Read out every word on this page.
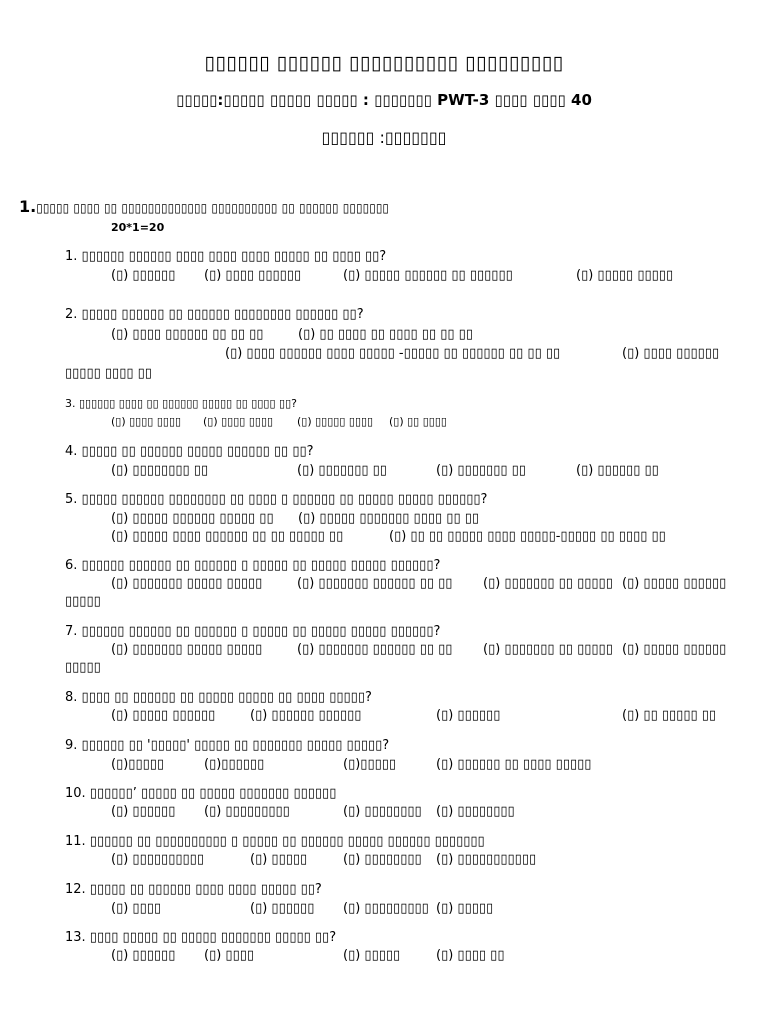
▯▯▯▯▯▯ ▯▯▯▯▯▯ ▯▯▯▯▯▯▯▯▯▯ ▯▯▯▯▯▯▯▯▯
▯▯▯▯▯:▯▯▯▯▯ ▯▯▯▯▯ ▯▯▯▯▯ : ▯▯▯▯▯▯▯ PWT-3 ▯▯▯▯ ▯▯▯▯ 40
▯▯▯▯▯▯ :▯▯▯▯▯▯▯
1.▯▯▯▯▯ ▯▯▯▯ ▯▯ ▯▯▯▯▯▯▯▯▯▯▯▯▯ ▯▯▯▯▯▯▯▯▯▯ ▯▯ ▯▯▯▯▯▯ ▯▯▯▯▯▯▯
20*1=20
1. ▯▯▯▯▯▯ ▯▯▯▯▯▯ ▯▯▯▯ ▯▯▯▯ ▯▯▯▯ ▯▯▯▯▯ ▯▯ ▯▯▯▯ ▯▯?
(▯) ▯▯▯▯▯▯ (▯) ▯▯▯▯ ▯▯▯▯▯▯	(▯) ▯▯▯▯▯ ▯▯▯▯▯▯ ▯▯ ▯▯▯▯▯▯	(▯) ▯▯▯▯▯ ▯▯▯▯▯
2. ▯▯▯▯▯ ▯▯▯▯▯▯ ▯▯ ▯▯▯▯▯▯ ▯▯▯▯▯▯▯▯ ▯▯▯▯▯▯ ▯▯?
(▯) ▯▯▯▯ ▯▯▯▯▯▯ ▯▯ ▯▯ ▯▯	(▯) ▯▯ ▯▯▯▯ ▯▯ ▯▯▯▯ ▯▯ ▯▯ ▯▯
(▯) ▯▯▯▯ ▯▯▯▯▯▯ ▯▯▯▯ ▯▯▯▯▯ -▯▯▯▯▯ ▯▯ ▯▯▯▯▯▯ ▯▯ ▯▯ ▯▯	(▯) ▯▯▯▯ ▯▯▯▯▯▯
▯▯▯▯▯ ▯▯▯▯ ▯▯
3. ▯▯▯▯▯▯ ▯▯▯▯ ▯▯ ▯▯▯▯▯▯ ▯▯▯▯▯ ▯▯ ▯▯▯▯ ▯▯?
(▯) ▯▯▯▯ ▯▯▯▯ (▯) ▯▯▯▯ ▯▯▯▯ (▯) ▯▯▯▯▯ ▯▯▯▯ (▯) ▯▯ ▯▯▯▯
4. ▯▯▯▯▯ ▯▯ ▯▯▯▯▯▯ ▯▯▯▯▯ ▯▯▯▯▯▯ ▯▯ ▯▯?
(▯) ▯▯▯▯▯▯▯▯ ▯▯	(▯) ▯▯▯▯▯▯▯ ▯▯	(▯) ▯▯▯▯▯▯▯ ▯▯	(▯) ▯▯▯▯▯▯ ▯▯
5. ▯▯▯▯▯ ▯▯▯▯▯▯ ▯▯▯▯▯▯▯▯ ▯▯ ▯▯▯▯ ▯ ▯▯▯▯▯▯ ▯▯ ▯▯▯▯▯ ▯▯▯▯▯ ▯▯▯▯▯▯?
(▯) ▯▯▯▯▯ ▯▯▯▯▯▯ ▯▯▯▯▯ ▯▯ (▯) ▯▯▯▯▯ ▯▯▯▯▯▯▯ ▯▯▯▯ ▯▯ ▯▯
(▯) ▯▯▯▯▯ ▯▯▯▯ ▯▯▯▯▯▯ ▯▯ ▯▯ ▯▯▯▯▯ ▯▯	(▯) ▯▯ ▯▯ ▯▯▯▯▯ ▯▯▯▯ ▯▯▯▯▯-▯▯▯▯▯ ▯▯ ▯▯▯▯ ▯▯
6. ▯▯▯▯▯▯ ▯▯▯▯▯▯ ▯▯ ▯▯▯▯▯▯ ▯ ▯▯▯▯▯ ▯▯ ▯▯▯▯▯ ▯▯▯▯▯ ▯▯▯▯▯▯?
(▯) ▯▯▯▯▯▯▯ ▯▯▯▯▯ ▯▯▯▯▯	(▯) ▯▯▯▯▯▯▯ ▯▯▯▯▯▯ ▯▯ ▯▯ (▯) ▯▯▯▯▯▯▯ ▯▯ ▯▯▯▯▯ (▯) ▯▯▯▯▯ ▯▯▯▯▯▯
▯▯▯▯▯
7. ▯▯▯▯▯▯ ▯▯▯▯▯▯ ▯▯ ▯▯▯▯▯▯ ▯ ▯▯▯▯▯ ▯▯ ▯▯▯▯▯ ▯▯▯▯▯ ▯▯▯▯▯▯?
(▯) ▯▯▯▯▯▯▯ ▯▯▯▯▯ ▯▯▯▯▯	(▯) ▯▯▯▯▯▯▯ ▯▯▯▯▯▯ ▯▯ ▯▯ (▯) ▯▯▯▯▯▯▯ ▯▯ ▯▯▯▯▯ (▯) ▯▯▯▯▯ ▯▯▯▯▯▯
▯▯▯▯▯
8. ▯▯▯▯ ▯▯ ▯▯▯▯▯▯ ▯▯ ▯▯▯▯▯ ▯▯▯▯▯ ▯▯ ▯▯▯▯ ▯▯▯▯▯?
(▯) ▯▯▯▯▯ ▯▯▯▯▯▯	(▯) ▯▯▯▯▯▯ ▯▯▯▯▯▯	(▯) ▯▯▯▯▯▯	(▯) ▯▯ ▯▯▯▯▯ ▯▯
9. ▯▯▯▯▯▯ ▯▯ '▯▯▯▯▯' ▯▯▯▯▯ ▯▯ ▯▯▯▯▯▯▯ ▯▯▯▯▯ ▯▯▯▯▯?
(▯)▯▯▯▯▯	(▯)▯▯▯▯▯▯	(▯)▯▯▯▯▯	(▯) ▯▯▯▯▯▯ ▯▯ ▯▯▯▯ ▯▯▯▯▯
10. ▯▯▯▯▯▯’ ▯▯▯▯▯ ▯▯ ▯▯▯▯▯ ▯▯▯▯▯▯▯ ▯▯▯▯▯▯
(▯) ▯▯▯▯▯▯ (▯) ▯▯▯▯▯▯▯▯▯	(▯) ▯▯▯▯▯▯▯▯ (▯) ▯▯▯▯▯▯▯▯
11. ▯▯▯▯▯▯ ▯▯ ▯▯▯▯▯▯▯▯▯▯ ▯ ▯▯▯▯▯ ▯▯ ▯▯▯▯▯▯ ▯▯▯▯▯ ▯▯▯▯▯▯ ▯▯▯▯▯▯▯
(▯) ▯▯▯▯▯▯▯▯▯▯	(▯) ▯▯▯▯▯	(▯) ▯▯▯▯▯▯▯▯ (▯) ▯▯▯▯▯▯▯▯▯▯▯
12. ▯▯▯▯▯ ▯▯ ▯▯▯▯▯▯ ▯▯▯▯ ▯▯▯▯ ▯▯▯▯▯ ▯▯?
(▯) ▯▯▯▯	(▯) ▯▯▯▯▯▯ (▯) ▯▯▯▯▯▯▯▯▯ (▯) ▯▯▯▯▯
13. ▯▯▯▯ ▯▯▯▯▯ ▯▯ ▯▯▯▯▯ ▯▯▯▯▯▯▯ ▯▯▯▯▯ ▯▯?
(▯) ▯▯▯▯▯▯ (▯) ▯▯▯▯	(▯) ▯▯▯▯▯	(▯) ▯▯▯▯ ▯▯
